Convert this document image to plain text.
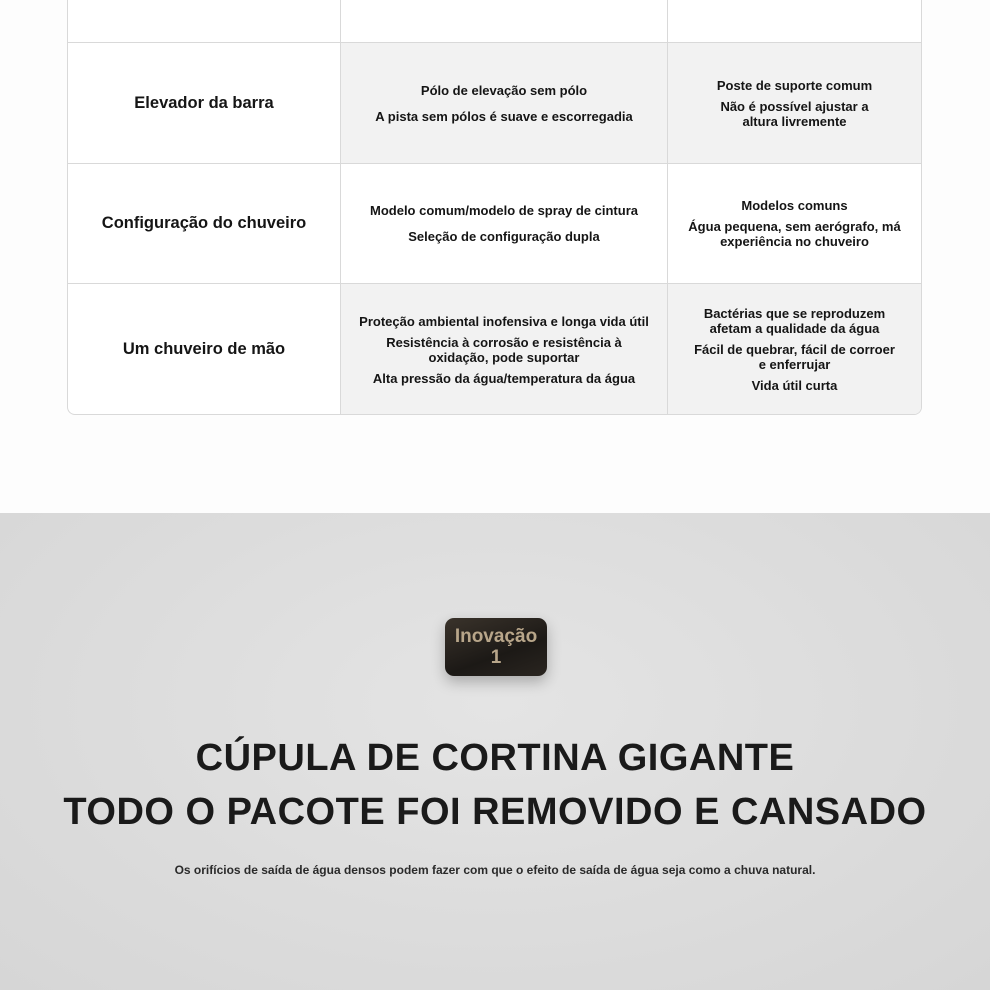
Elevador da barra
Pólo de elevação sem pólo
A pista sem pólos é suave e escorregadia
Poste de suporte comum
Não é possível ajustar a
altura livremente
Configuração do chuveiro
Modelo comum/modelo de spray de cintura
Seleção de configuração dupla
Modelos comuns
Água pequena, sem aerógrafo, má
experiência no chuveiro
Um chuveiro de mão
Proteção ambiental inofensiva e longa vida útil
Resistência à corrosão e resistência à
oxidação, pode suportar
Alta pressão da água/temperatura da água
Bactérias que se reproduzem
afetam a qualidade da água
Fácil de quebrar, fácil de corroer
e enferrujar
Vida útil curta
Inovação
1
CÚPULA DE CORTINA GIGANTE
TODO O PACOTE FOI REMOVIDO E CANSADO
Os orifícios de saída de água densos podem fazer com que o efeito de saída de água seja como a chuva natural.
